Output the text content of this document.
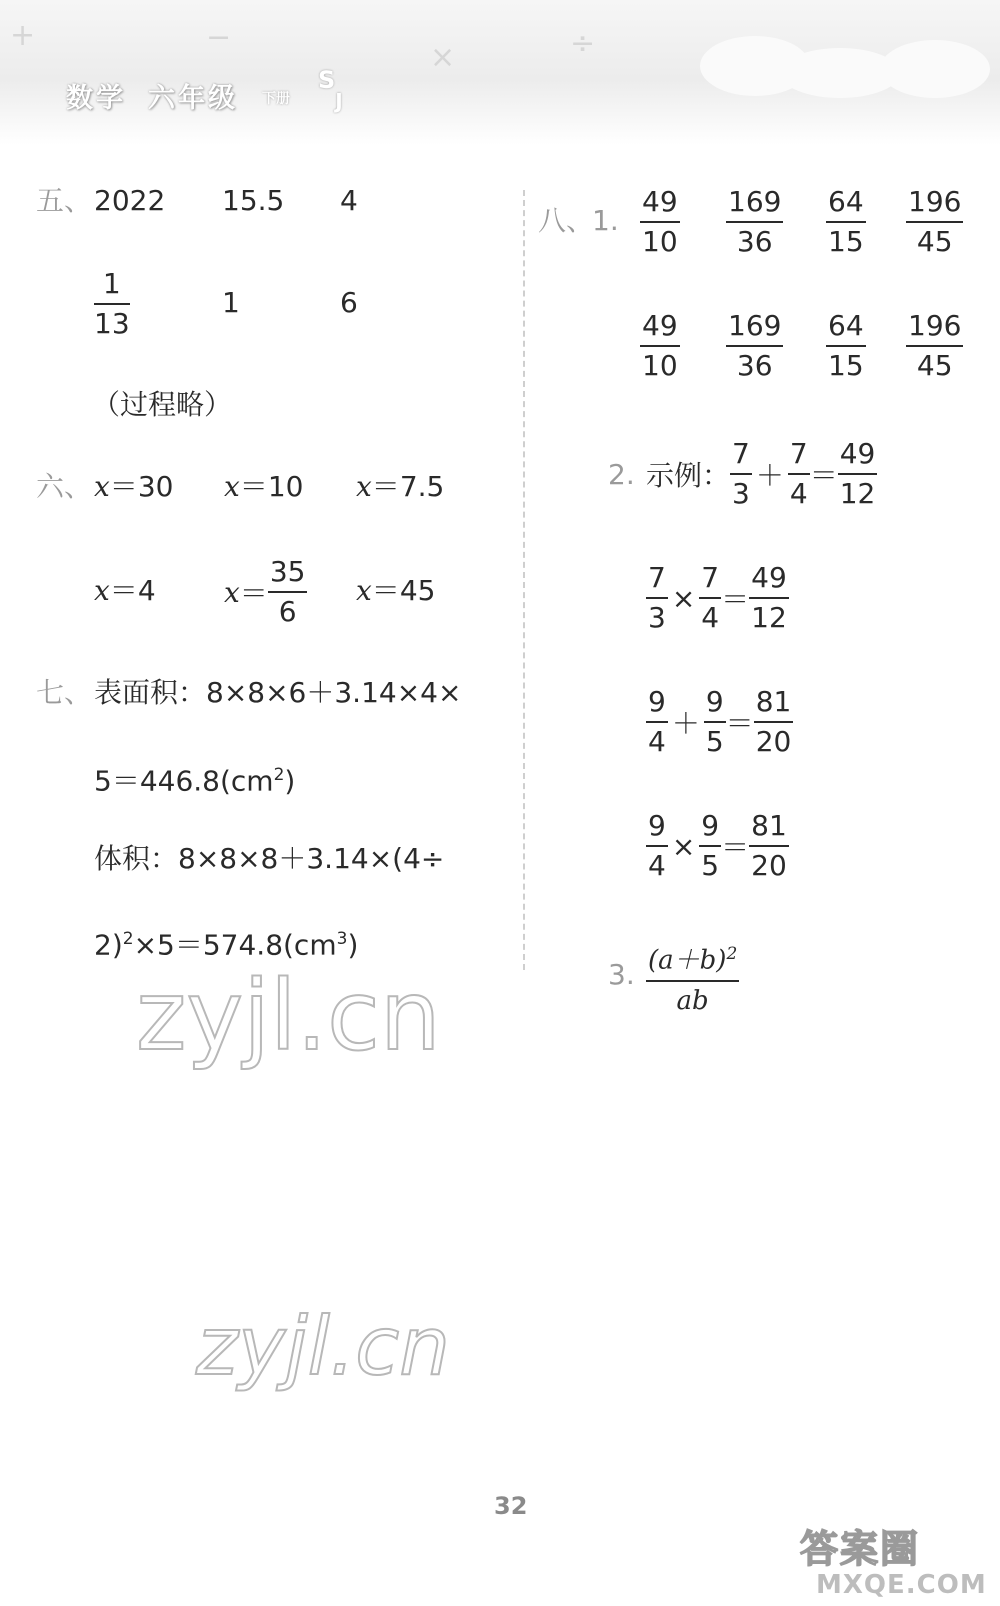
+	−
×	÷
数学 六年级 下册
$S_J$
五、 2022 15.5 4
$\frac{1}{13}$	1	6
（过程略）
六、 x＝30 x＝10 x＝7.5
x＝4 $x = \frac{35}{6} x=45$
七、 表面积：8×8×6＋3.14×4×
$5=446.8(cm^2)$
体积：8×8×8＋3.14×(4÷
$2)^2\times 5=574.8(cm^3)$
八、
1. $\frac{49}{10} \frac{169}{36} \frac{64}{15} \frac{196}{45}$
$\frac{49}{10} \frac{169}{36} \frac{64}{15} \frac{196}{45}$
2. 示例： $\frac{7}{3} + \frac{7}{4} = \frac{49}{12}$
$\frac{7}{3} \times \frac{7}{4} = \frac{49}{12}$
$\frac{9}{4} + \frac{9}{5} = \frac{81}{20}$
$\frac{9}{4} \times \frac{9}{5} = \frac{81}{20}$
3. $\frac{(a+b)^2}{ab}$
zyjl.cn
zyjl.cn
32
答案圈
MXQE.COM
